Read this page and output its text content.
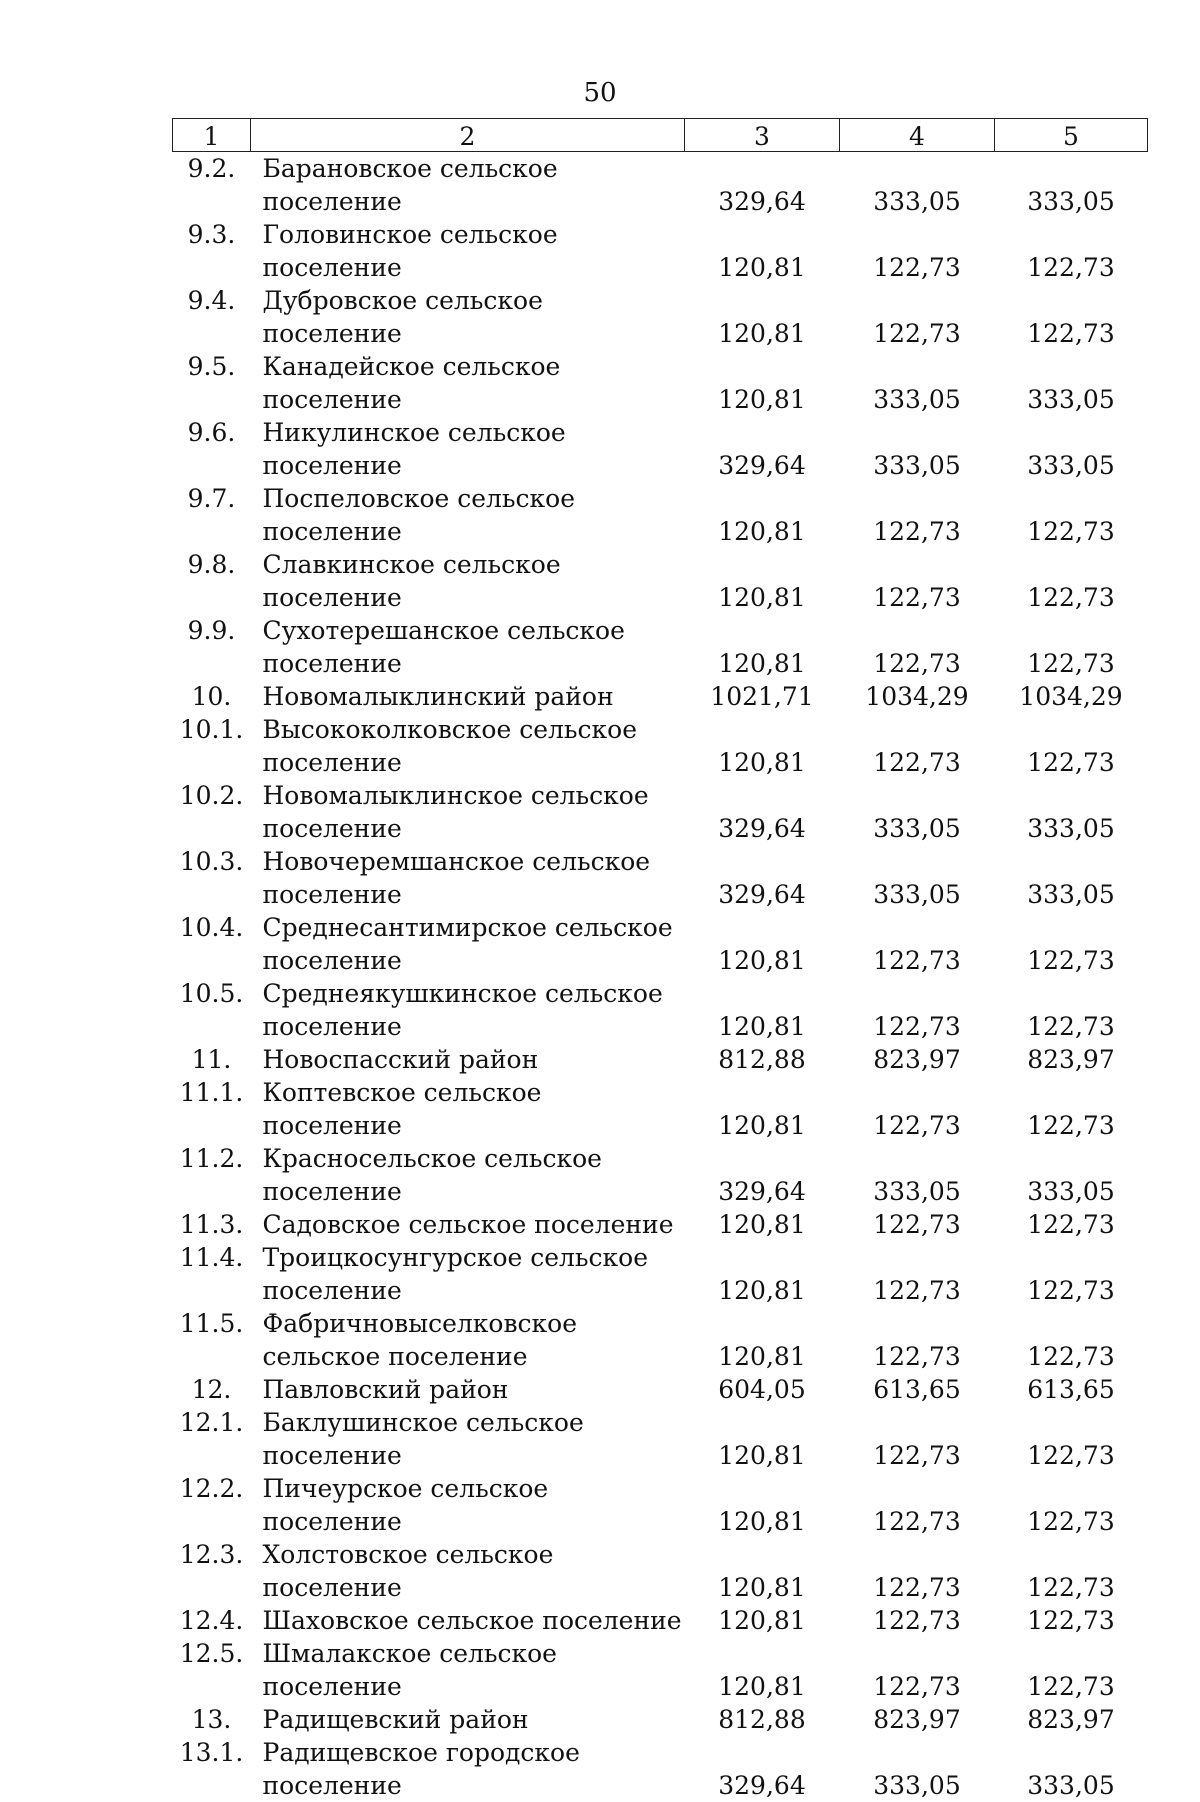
50
1	2	3	4	5
9.2.	Барановское сельское поселение	329,64	333,05	333,05
9.3.	Головинское сельское поселение	120,81	122,73	122,73
9.4.	Дубровское сельское поселение	120,81	122,73	122,73
9.5.	Канадейское сельское поселение	120,81	333,05	333,05
9.6.	Никулинское сельское поселение	329,64	333,05	333,05
9.7.	Поспеловское сельское поселение	120,81	122,73	122,73
9.8.	Славкинское сельское поселение	120,81	122,73	122,73
9.9.	Сухотерешанское сельское поселение	120,81	122,73	122,73
10.	Новомалыклинский район	1021,71	1034,29	1034,29
10.1.	Высококолковское сельское поселение	120,81	122,73	122,73
10.2.	Новомалыклинское сельское поселение	329,64	333,05	333,05
10.3.	Новочеремшанское сельское поселение	329,64	333,05	333,05
10.4.	Среднесантимирское сельское поселение	120,81	122,73	122,73
10.5.	Среднеякушкинское сельское поселение	120,81	122,73	122,73
11.	Новоспасский район	812,88	823,97	823,97
11.1.	Коптевское сельское поселение	120,81	122,73	122,73
11.2.	Красносельское сельское поселение	329,64	333,05	333,05
11.3.	Садовское сельское поселение	120,81	122,73	122,73
11.4.	Троицкосунгурское сельское поселение	120,81	122,73	122,73
11.5.	Фабричновыселковское сельское поселение	120,81	122,73	122,73
12.	Павловский район	604,05	613,65	613,65
12.1.	Баклушинское сельское поселение	120,81	122,73	122,73
12.2.	Пичеурское сельское поселение	120,81	122,73	122,73
12.3.	Холстовское сельское поселение	120,81	122,73	122,73
12.4.	Шаховское сельское поселение	120,81	122,73	122,73
12.5.	Шмалакское сельское поселение	120,81	122,73	122,73
13.	Радищевский район	812,88	823,97	823,97
13.1.	Радищевское городское поселение	329,64	333,05	333,05
